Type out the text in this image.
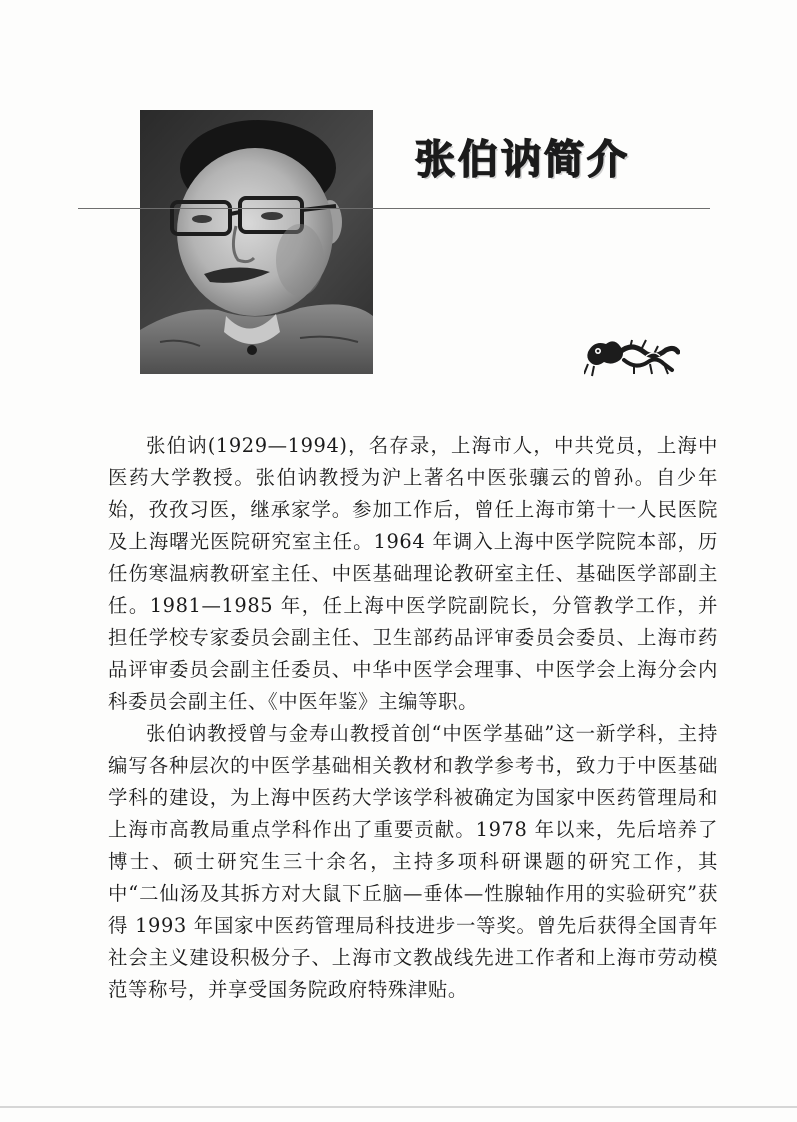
张伯讷简介

张伯讷(1929—1994)，名存录，上海市人，中共党员，上海中医药大学教授。张伯讷教授为沪上著名中医张骧云的曾孙。自少年始，孜孜习医，继承家学。参加工作后，曾任上海市第十一人民医院及上海曙光医院研究室主任。1964 年调入上海中医学院院本部，历任伤寒温病教研室主任、中医基础理论教研室主任、基础医学部副主任。1981—1985 年，任上海中医学院副院长，分管教学工作，并担任学校专家委员会副主任、卫生部药品评审委员会委员、上海市药品评审委员会副主任委员、中华中医学会理事、中医学会上海分会内科委员会副主任、《中医年鉴》主编等职。

张伯讷教授曾与金寿山教授首创“中医学基础”这一新学科，主持编写各种层次的中医学基础相关教材和教学参考书，致力于中医基础学科的建设，为上海中医药大学该学科被确定为国家中医药管理局和上海市高教局重点学科作出了重要贡献。1978 年以来，先后培养了博士、硕士研究生三十余名，主持多项科研课题的研究工作，其中“二仙汤及其拆方对大鼠下丘脑—垂体—性腺轴作用的实验研究”获得 1993 年国家中医药管理局科技进步一等奖。曾先后获得全国青年社会主义建设积极分子、上海市文教战线先进工作者和上海市劳动模范等称号，并享受国务院政府特殊津贴。
